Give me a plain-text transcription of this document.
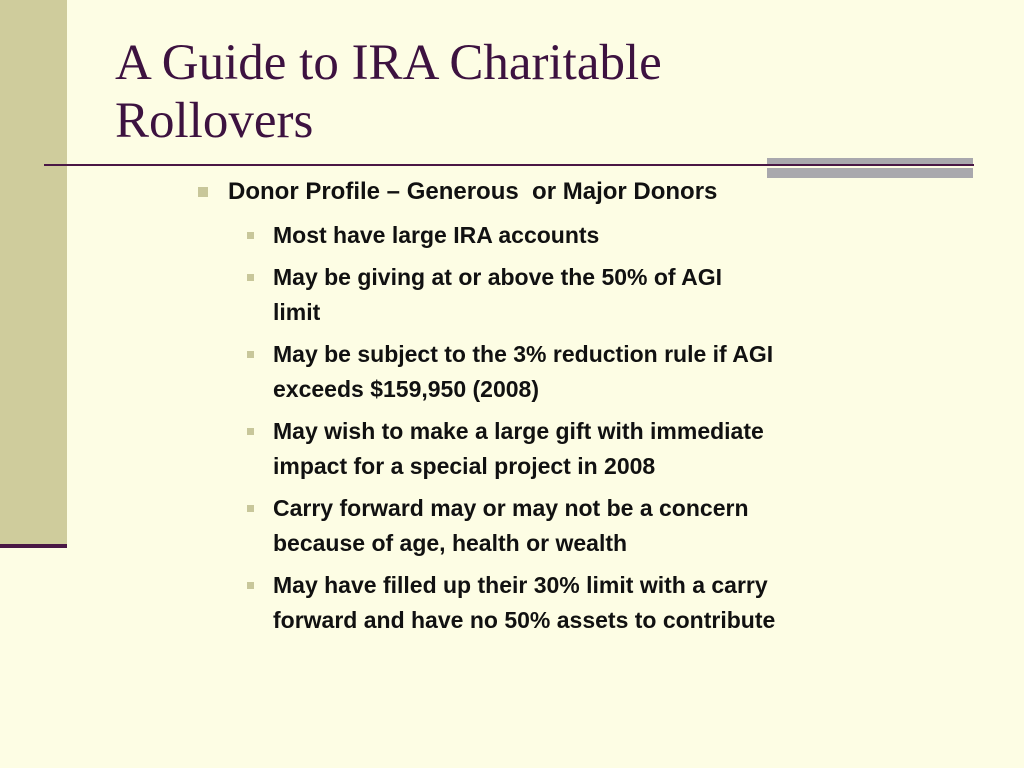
A Guide to IRA Charitable
Rollovers
Donor Profile – Generous  or Major Donors
Most have large IRA accounts
May be giving at or above the 50% of AGI
limit
May be subject to the 3% reduction rule if AGI
exceeds $159,950 (2008)
May wish to make a large gift with immediate
impact for a special project in 2008
Carry forward may or may not be a concern
because of age, health or wealth
May have filled up their 30% limit with a carry
forward and have no 50% assets to contribute
